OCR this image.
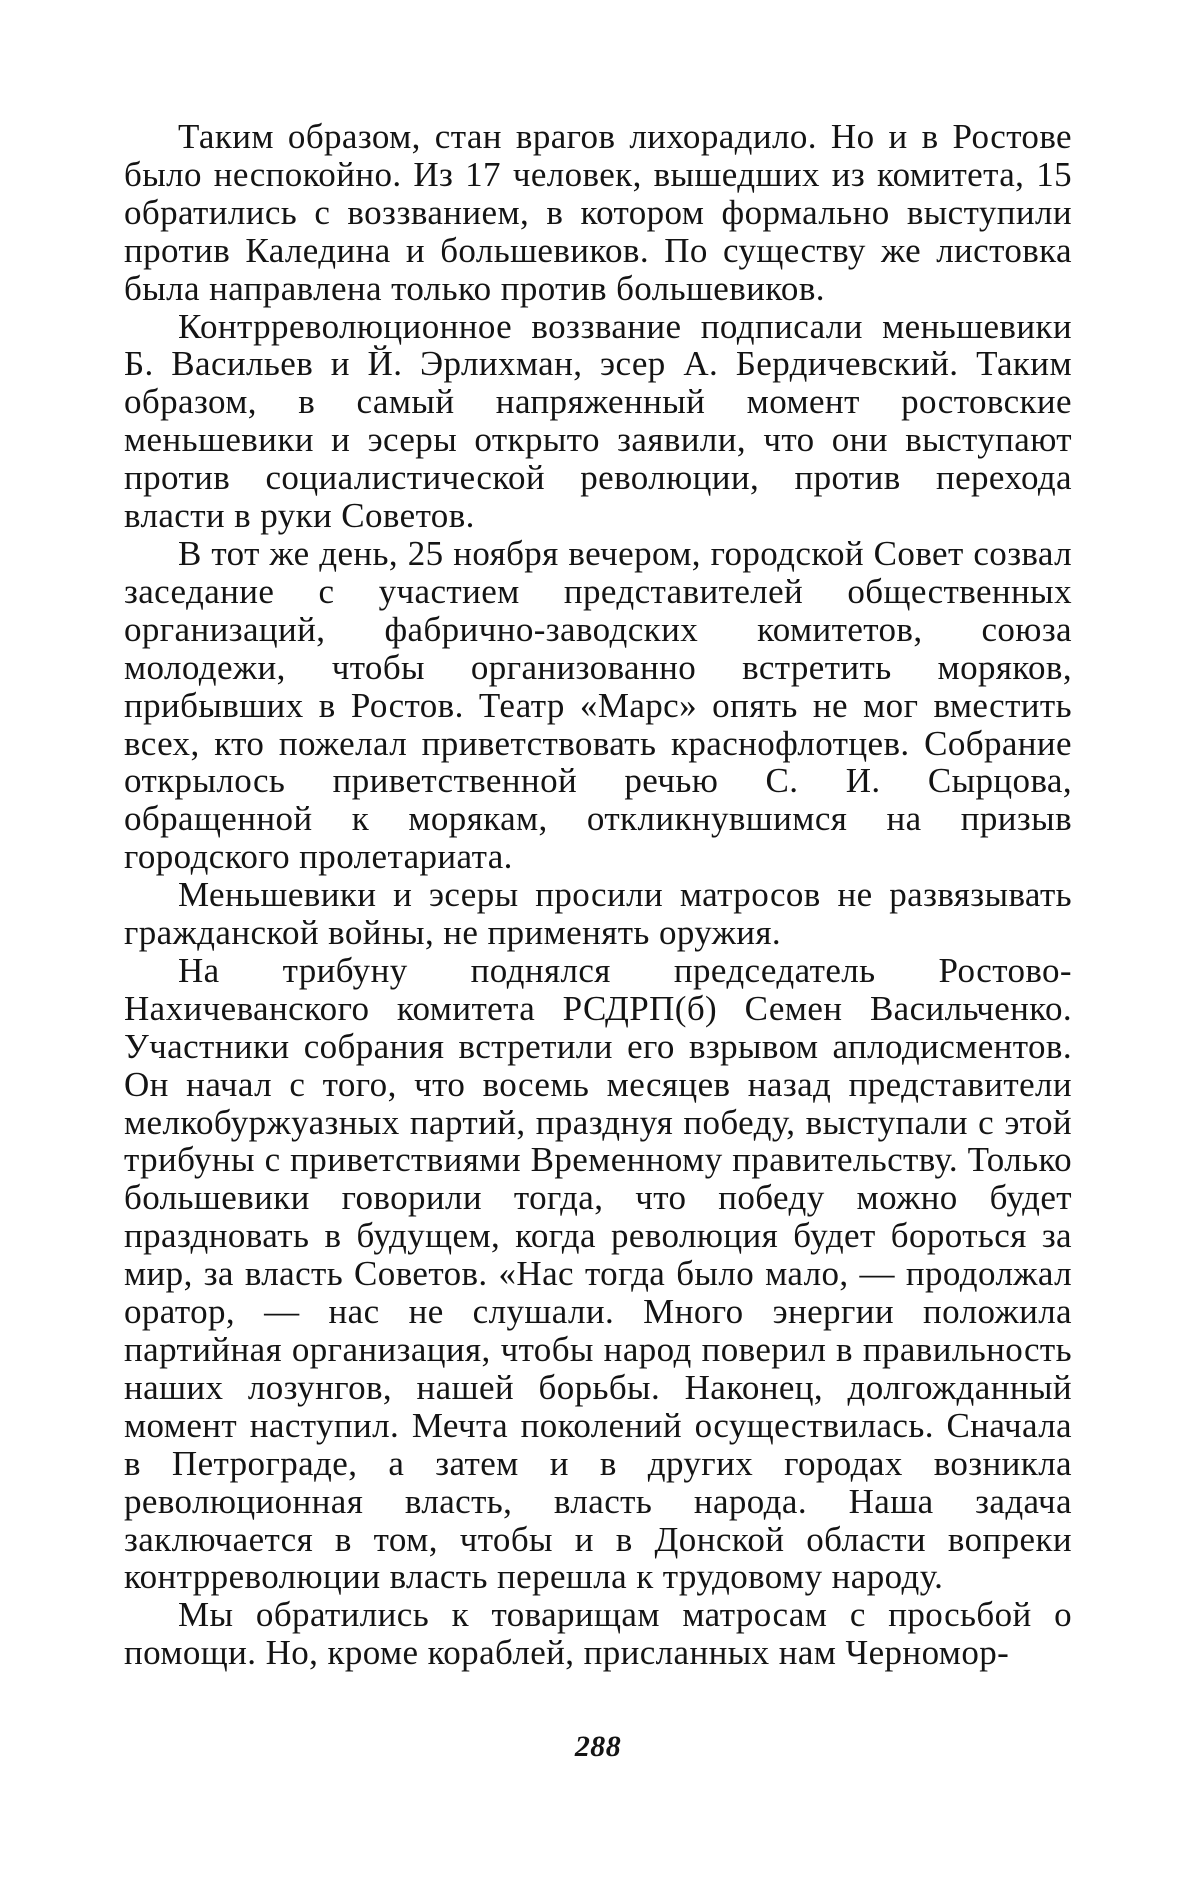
Таким образом, стан врагов лихорадило. Но и в Ростове было неспокойно. Из 17 человек, вышедших из комитета, 15 обратились с воззванием, в котором формально выступили против Каледина и большевиков. По существу же листовка была направлена только против большевиков.

Контрреволюционное воззвание подписали меньшевики Б. Васильев и Й. Эрлихман, эсер А. Бердичевский. Таким образом, в самый напряженный момент ростовские меньшевики и эсеры открыто заявили, что они выступают против социалистической революции, против перехода власти в руки Советов.

В тот же день, 25 ноября вечером, городской Совет созвал заседание с участием представителей общественных организаций, фабрично-заводских комитетов, союза молодежи, чтобы организованно встретить моряков, прибывших в Ростов. Театр «Марс» опять не мог вместить всех, кто пожелал приветствовать краснофлотцев. Собрание открылось приветственной речью С. И. Сырцова, обращенной к морякам, откликнувшимся на призыв городского пролетариата.

Меньшевики и эсеры просили матросов не развязывать гражданской войны, не применять оружия.

На трибуну поднялся председатель Ростово-Нахичеванского комитета РСДРП(б) Семен Васильченко. Участники собрания встретили его взрывом аплодисментов. Он начал с того, что восемь месяцев назад представители мелкобуржуазных партий, празднуя победу, выступали с этой трибуны с приветствиями Временному правительству. Только большевики говорили тогда, что победу можно будет праздновать в будущем, когда революция будет бороться за мир, за власть Советов. «Нас тогда было мало, — продолжал оратор, — нас не слушали. Много энергии положила партийная организация, чтобы народ поверил в правильность наших лозунгов, нашей борьбы. Наконец, долгожданный момент наступил. Мечта поколений осуществилась. Сначала в Петрограде, а затем и в других городах возникла революционная власть, власть народа. Наша задача заключается в том, чтобы и в Донской области вопреки контрреволюции власть перешла к трудовому народу.

Мы обратились к товарищам матросам с просьбой о помощи. Но, кроме кораблей, присланных нам Черномор-

288
